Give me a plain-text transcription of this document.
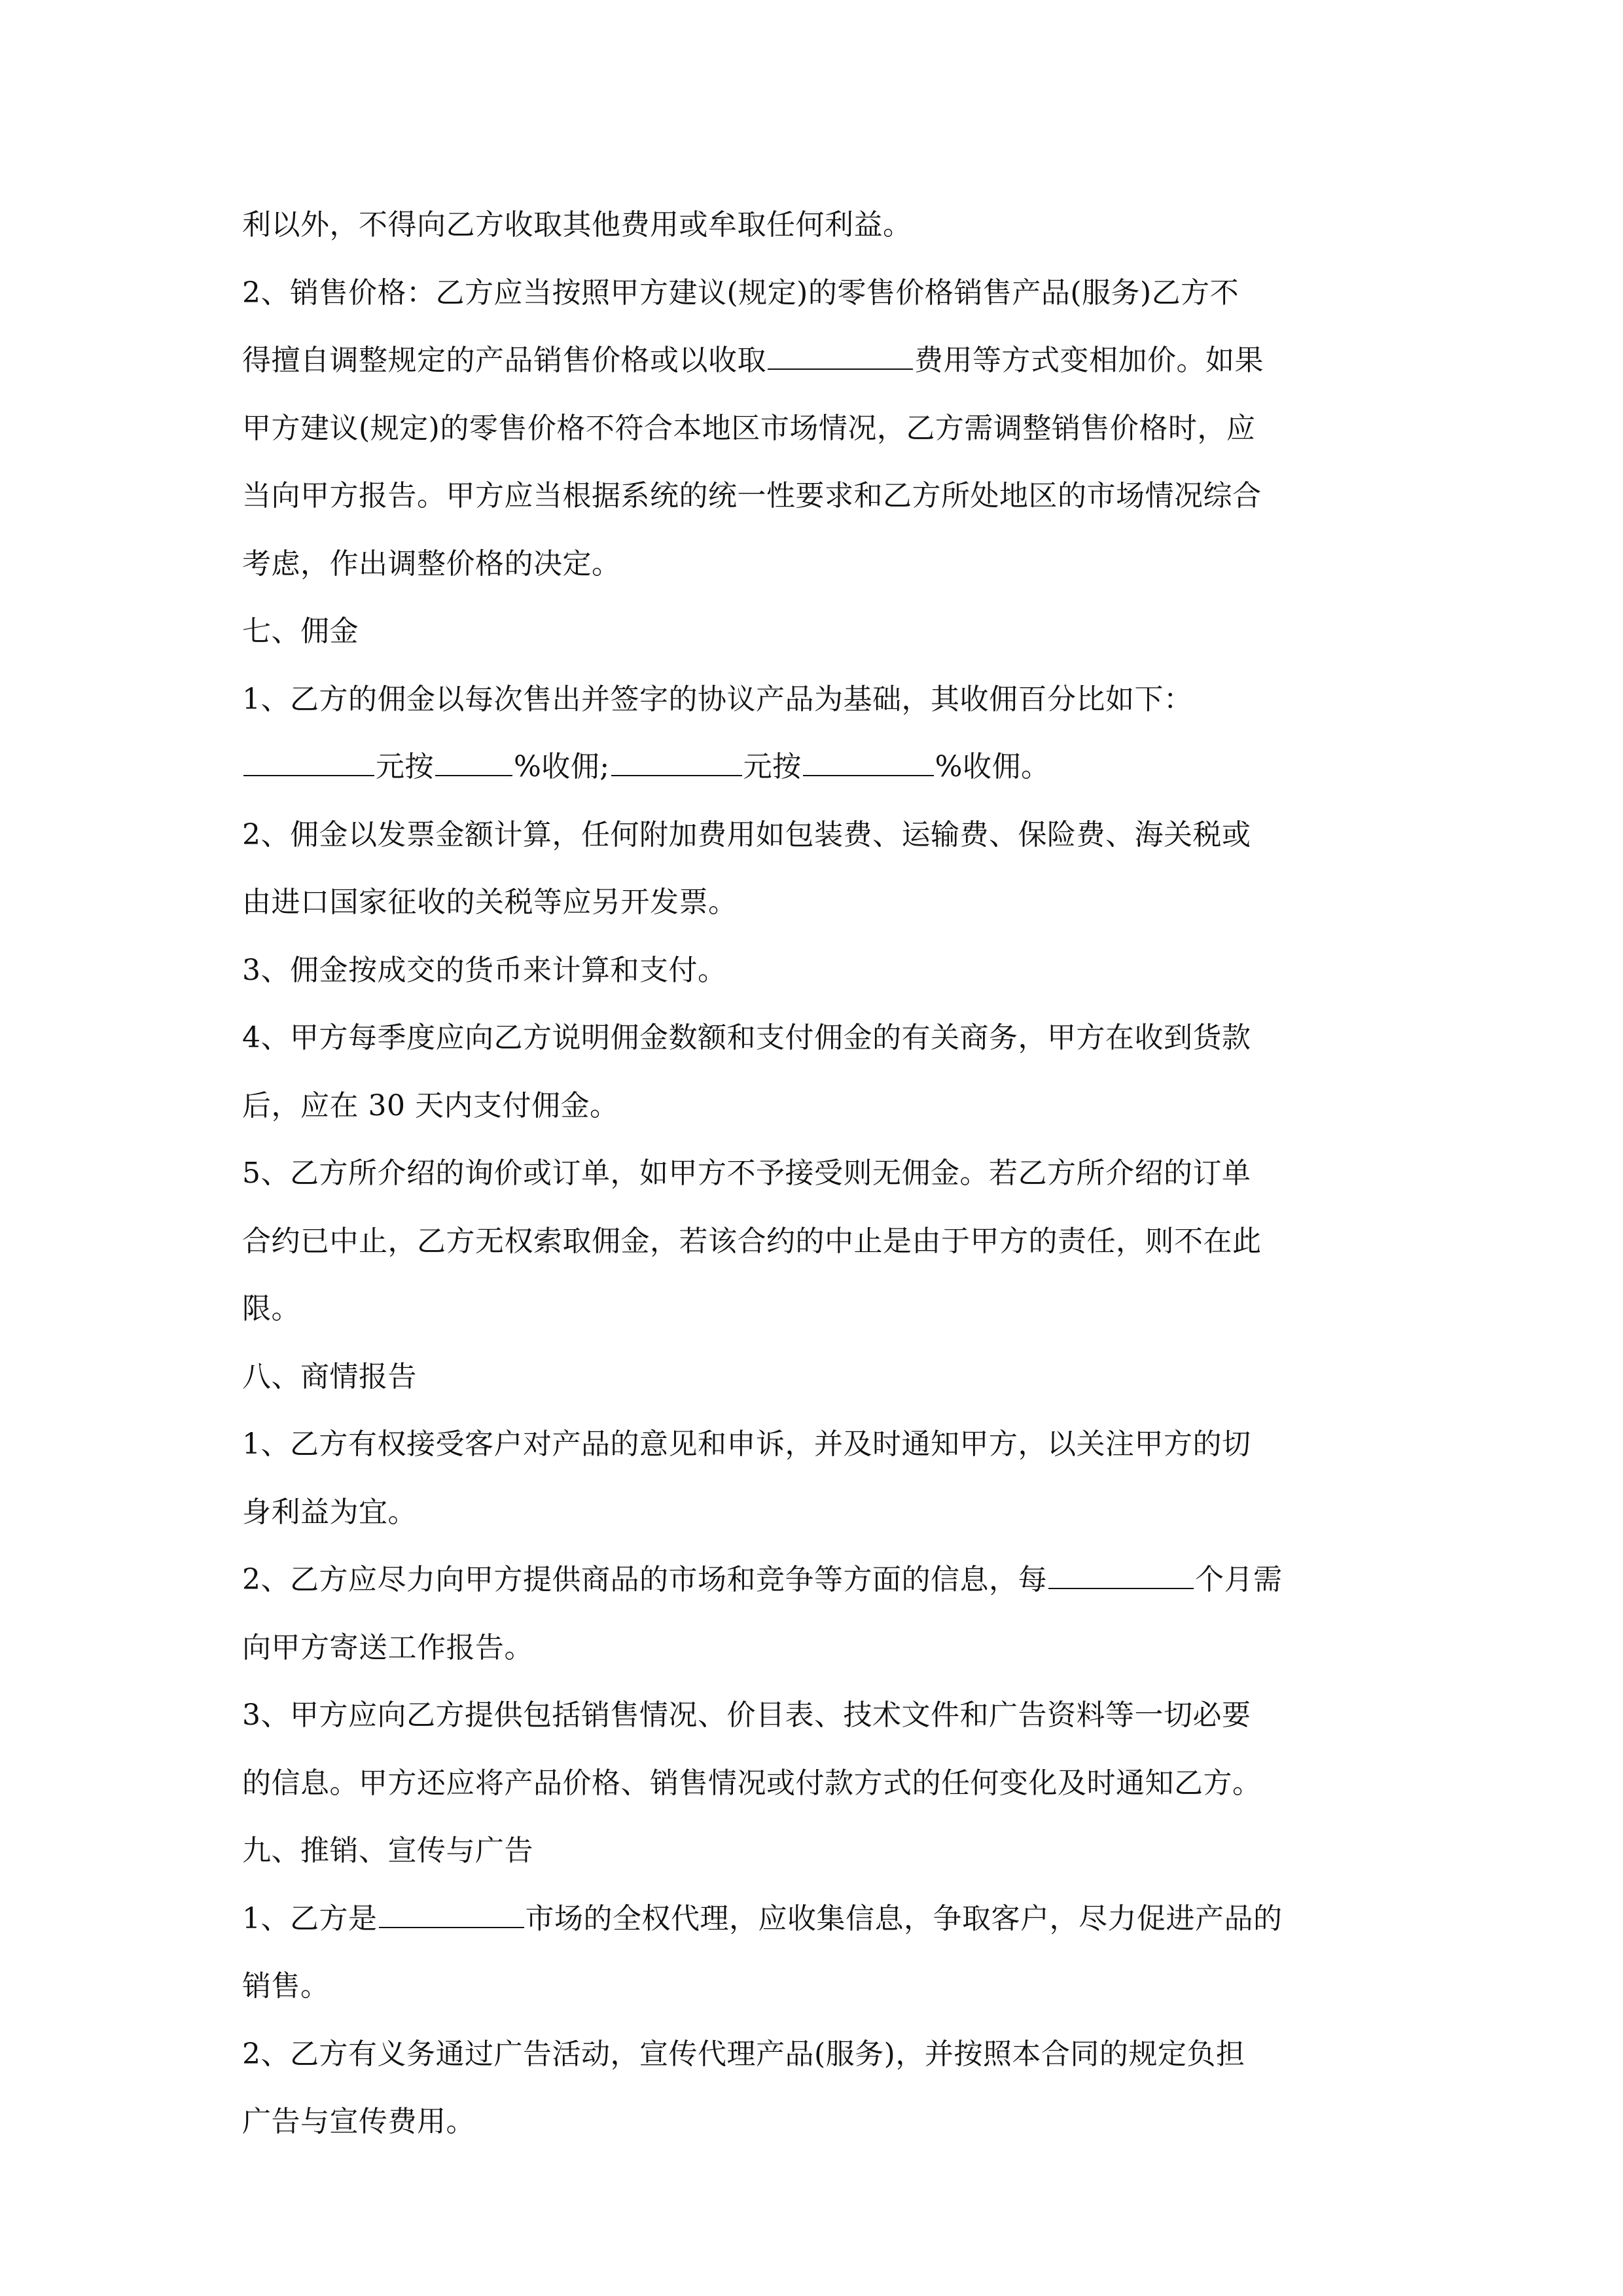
利以外，不得向乙方收取其他费用或牟取任何利益。
2、销售价格：乙方应当按照甲方建议(规定)的零售价格销售产品(服务)乙方不
得擅自调整规定的产品销售价格或以收取	费用等方式变相加价。如果
甲方建议(规定)的零售价格不符合本地区市场情况，乙方需调整销售价格时，应
当向甲方报告。甲方应当根据系统的统一性要求和乙方所处地区的市场情况综合
考虑，作出调整价格的决定。
七、佣金
1、乙方的佣金以每次售出并签字的协议产品为基础，其收佣百分比如下：
元按	%收佣;	元按	%收佣。
2、佣金以发票金额计算，任何附加费用如包装费、运输费、保险费、海关税或
由进口国家征收的关税等应另开发票。
3、佣金按成交的货币来计算和支付。
4、甲方每季度应向乙方说明佣金数额和支付佣金的有关商务，甲方在收到货款
后，应在 30 天内支付佣金。
5、乙方所介绍的询价或订单，如甲方不予接受则无佣金。若乙方所介绍的订单
合约已中止，乙方无权索取佣金，若该合约的中止是由于甲方的责任，则不在此
限。
八、商情报告
1、乙方有权接受客户对产品的意见和申诉，并及时通知甲方，以关注甲方的切
身利益为宜。
2、乙方应尽力向甲方提供商品的市场和竞争等方面的信息，每	个月需
向甲方寄送工作报告。
3、甲方应向乙方提供包括销售情况、价目表、技术文件和广告资料等一切必要
的信息。甲方还应将产品价格、销售情况或付款方式的任何变化及时通知乙方。
九、推销、宣传与广告
1、乙方是	市场的全权代理，应收集信息，争取客户，尽力促进产品的
销售。
2、乙方有义务通过广告活动，宣传代理产品(服务)，并按照本合同的规定负担
广告与宣传费用。
